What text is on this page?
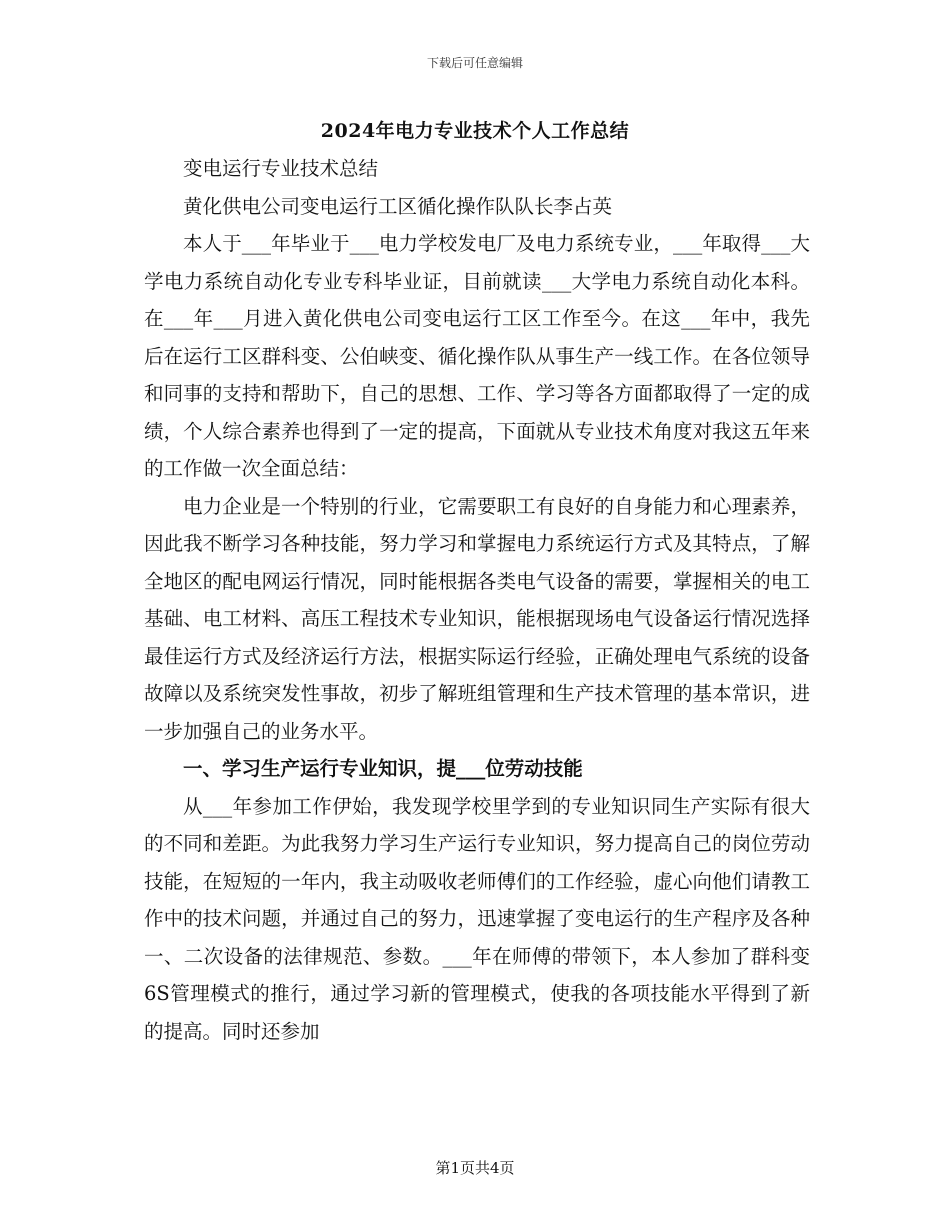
下载后可任意编辑
2024年电力专业技术个人工作总结

变电运行专业技术总结

黄化供电公司变电运行工区循化操作队队长李占英

本人于___年毕业于___电力学校发电厂及电力系统专业，___年取得___大学电力系统自动化专业专科毕业证，目前就读___大学电力系统自动化本科。在___年___月进入黄化供电公司变电运行工区工作至今。在这___年中，我先后在运行工区群科变、公伯峡变、循化操作队从事生产一线工作。在各位领导和同事的支持和帮助下，自己的思想、工作、学习等各方面都取得了一定的成绩，个人综合素养也得到了一定的提高，下面就从专业技术角度对我这五年来的工作做一次全面总结：

电力企业是一个特别的行业，它需要职工有良好的自身能力和心理素养，因此我不断学习各种技能，努力学习和掌握电力系统运行方式及其特点，了解全地区的配电网运行情况，同时能根据各类电气设备的需要，掌握相关的电工基础、电工材料、高压工程技术专业知识，能根据现场电气设备运行情况选择最佳运行方式及经济运行方法，根据实际运行经验，正确处理电气系统的设备故障以及系统突发性事故，初步了解班组管理和生产技术管理的基本常识，进一步加强自己的业务水平。

一、学习生产运行专业知识，提___位劳动技能

从___年参加工作伊始，我发现学校里学到的专业知识同生产实际有很大的不同和差距。为此我努力学习生产运行专业知识，努力提高自己的岗位劳动技能，在短短的一年内，我主动吸收老师傅们的工作经验，虚心向他们请教工作中的技术问题，并通过自己的努力，迅速掌握了变电运行的生产程序及各种一、二次设备的法律规范、参数。___年在师傅的带领下，本人参加了群科变6S管理模式的推行，通过学习新的管理模式，使我的各项技能水平得到了新的提高。同时还参加

第1页共4页
